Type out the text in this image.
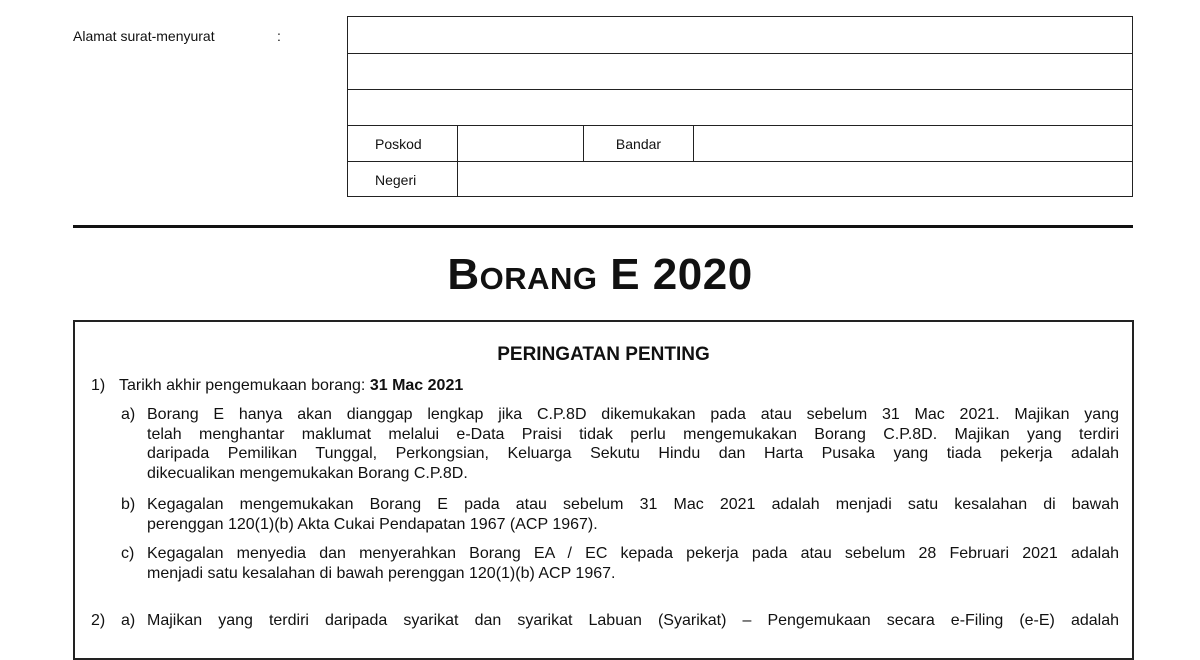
Alamat surat-menyurat	:
Poskod	Bandar
Negeri
Borang E 2020
PERINGATAN PENTING
1) Tarikh akhir pengemukaan borang: 31 Mac 2021
a) Borang E hanya akan dianggap lengkap jika C.P.8D dikemukakan pada atau sebelum 31 Mac 2021. Majikan yang
telah menghantar maklumat melalui e-Data Praisi tidak perlu mengemukakan Borang C.P.8D. Majikan yang terdiri
daripada Pemilikan Tunggal, Perkongsian, Keluarga Sekutu Hindu dan Harta Pusaka yang tiada pekerja adalah
dikecualikan mengemukakan Borang C.P.8D.
b) Kegagalan mengemukakan Borang E pada atau sebelum 31 Mac 2021 adalah menjadi satu kesalahan di bawah
perenggan 120(1)(b) Akta Cukai Pendapatan 1967 (ACP 1967).
c) Kegagalan menyedia dan menyerahkan Borang EA / EC kepada pekerja pada atau sebelum 28 Februari 2021 adalah
menjadi satu kesalahan di bawah perenggan 120(1)(b) ACP 1967.
2) a) Majikan yang terdiri daripada syarikat dan syarikat Labuan (Syarikat) – Pengemukaan secara e-Filing (e-E) adalah
